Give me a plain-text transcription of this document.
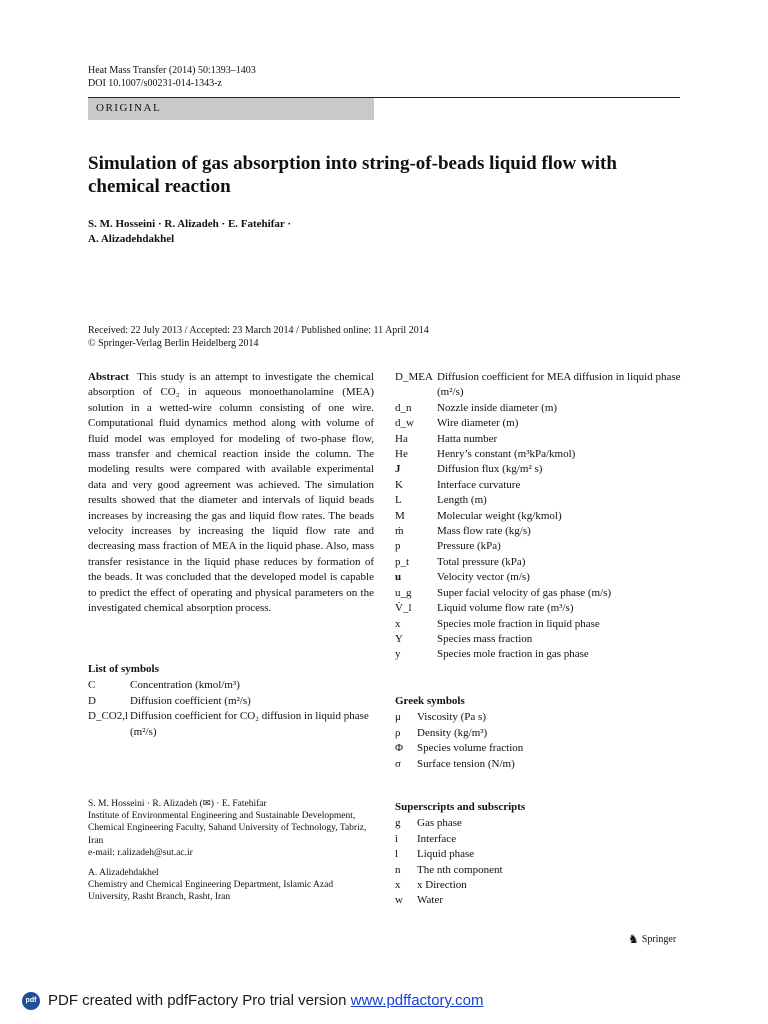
Heat Mass Transfer (2014) 50:1393–1403
DOI 10.1007/s00231-014-1343-z
ORIGINAL
Simulation of gas absorption into string-of-beads liquid flow with chemical reaction
S. M. Hosseini · R. Alizadeh · E. Fatehifar ·
A. Alizadehdakhel
Received: 22 July 2013 / Accepted: 23 March 2014 / Published online: 11 April 2014
© Springer-Verlag Berlin Heidelberg 2014
Abstract This study is an attempt to investigate the chemical absorption of CO₂ in aqueous monoethanolamine (MEA) solution in a wetted-wire column consisting of one wire. Computational fluid dynamics method along with volume of fluid model was employed for modeling of two-phase flow, mass transfer and chemical reaction inside the column. The modeling results were compared with available experimental data and very good agreement was achieved. The simulation results showed that the diameter and intervals of liquid beads increases by increasing the gas and liquid flow rates. The beads velocity increases by increasing the liquid flow rate and decreasing mass fraction of MEA in the liquid phase. Also, mass transfer resistance in the liquid phase reduces by formation of the beads. It was concluded that the developed model is capable to predict the effect of operating and physical parameters on the investigated chemical absorption process.
List of symbols
C	Concentration (kmol/m³)
D	Diffusion coefficient (m²/s)
D_CO2,l Diffusion coefficient for CO₂ diffusion in liquid phase (m²/s)
D_MEA Diffusion coefficient for MEA diffusion in liquid phase (m²/s)
d_n	Nozzle inside diameter (m)
d_w	Wire diameter (m)
Ha	Hatta number
He	Henry’s constant (m³kPa/kmol)
J	Diffusion flux (kg/m² s)
K	Interface curvature
L	Length (m)
M	Molecular weight (kg/kmol)
ṁ	Mass flow rate (kg/s)
p	Pressure (kPa)
p_t	Total pressure (kPa)
u	Velocity vector (m/s)
u_g	Super facial velocity of gas phase (m/s)
V̇_l	Liquid volume flow rate (m³/s)
x	Species mole fraction in liquid phase
Y	Species mass fraction
y	Species mole fraction in gas phase
Greek symbols
μ	Viscosity (Pa s)
ρ	Density (kg/m³)
Φ	Species volume fraction
σ	Surface tension (N/m)
Superscripts and subscripts
g	Gas phase
i	Interface
l	Liquid phase
n	The nth component
x	x Direction
w	Water

S. M. Hosseini · R. Alizadeh (✉) · E. Fatehifar
Institute of Environmental Engineering and Sustainable Development, Chemical Engineering Faculty, Sahand University of Technology, Tabriz, Iran
e-mail: r.alizadeh@sut.ac.ir

A. Alizadehdakhel
Chemistry and Chemical Engineering Department, Islamic Azad University, Rasht Branch, Rasht, Iran

♞ Springer
pdf PDF created with pdfFactory Pro trial version www.pdffactory.com
